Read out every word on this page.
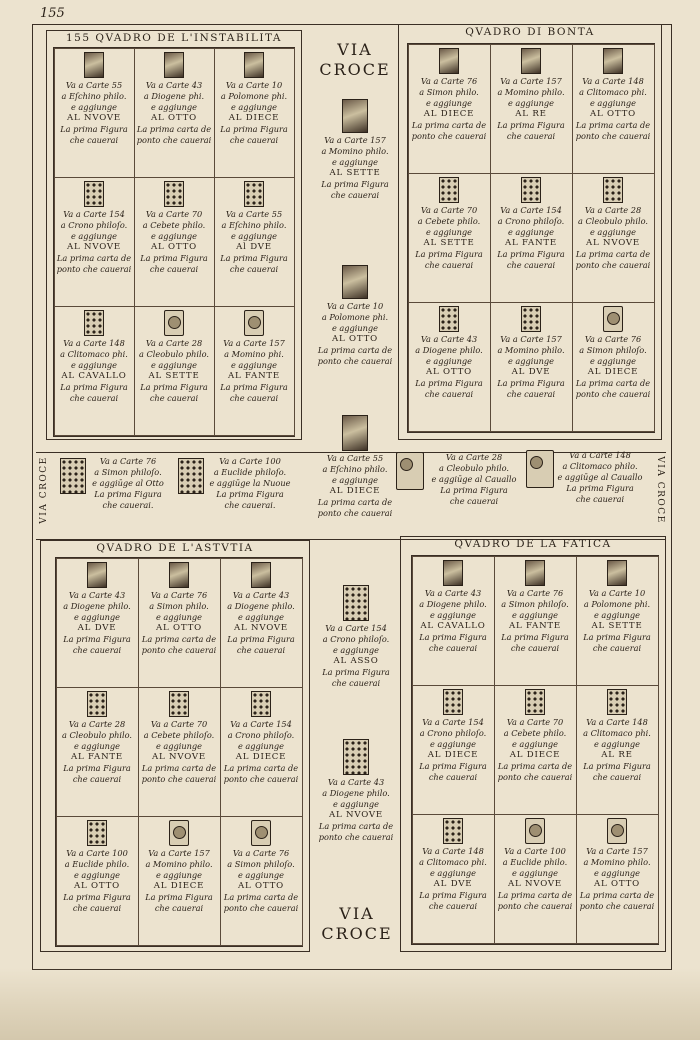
155
155 QVADRO DE L'INSTABILITA
Va a Carte 55
a Eſchino philo.
e aggiunge
AL NVOVE
La prima Figura
che cauerai
Va a Carte 43
a Diogene phi.
e aggiunge
AL OTTO
La prima carta de
ponto che cauerai
Va a Carte 10
a Polomone phi.
e aggiunge
AL DIECE
La prima Figura
che cauerai
Va a Carte 154
a Crono philoſo.
e aggiunge
AL NVOVE
La prima carta de
ponto che cauerai
Va a Carte 70
a Cebete philo.
e aggiunge
AL OTTO
La prima Figura
che cauerai
Va a Carte 55
a Eſchino philo.
e aggiunge
Al DVE
La prima Figura
che cauerai
Va a Carte 148
a Clitomaco phi.
e aggiunge
AL CAVALLO
La prima Figura
che cauerai
Va a Carte 28
a Cleobulo philo.
e aggiunge
AL SETTE
La prima Figura
che cauerai
Va a Carte 157
a Momino phi.
e aggiunge
AL FANTE
La prima Figura
che cauerai
QVADRO DI BONTA
Va a Carte 76
a Simon philo.
e aggiunge
AL DIECE
La prima carta de
ponto che cauerai
Va a Carte 157
a Momino philo.
e aggiunge
AL RE
La prima Figura
che cauerai
Va a Carte 148
a Clitomaco phi.
e aggiunge
AL OTTO
La prima carta de
ponto che cauerai
Va a Carte 70
a Cebete philo.
e aggiunge
AL SETTE
La prima Figura
che cauerai
Va a Carte 154
a Crono philoſo.
e aggiunge
AL FANTE
La prima Figura
che cauerai
Va a Carte 28
a Cleobulo philo.
e aggiunge
AL NVOVE
La prima carta de
ponto che cauerai
Va a Carte 43
a Diogene philo.
e aggiunge
AL OTTO
La prima Figura
che cauerai
Va a Carte 157
a Momino philo.
e aggiunge
AL DVE
La prima Figura
che cauerai
Va a Carte 76
a Simon philoſo.
e aggiunge
AL DIECE
La prima carta de
ponto che cauerai
VIA
CROCE
Va a Carte 157
a Momino philo.
e aggiunge
AL SETTE
La prima Figura
che cauerai
Va a Carte 10
a Polomone phi.
e aggiunge
AL OTTO
La prima carta de
ponto che cauerai
VIA CROCE	VIA CROCE
Va a Carte 76
a Simon philoſo.
e aggiūge al Otto
La prima Figura
che cauerai.
Va a Carte 100
a Euclide philoſo.
e aggiūge la Nuoue
La prima Figura
che cauerai.
Va a Carte 55
a Eſchino philo.
e aggiunge
AL DIECE
La prima carta de
ponto che cauerai
Va a Carte 28
a Cleobulo philo.
e aggiūge al Cauallo
La prima Figura
che cauerai
Va a Carte 148
a Clitomaco philo.
e aggiūge al Cauallo
La prima Figura
che cauerai
QVADRO DE L'ASTVTIA
Va a Carte 43
a Diogene philo.
e aggiunge
AL DVE
La prima Figura
che cauerai
Va a Carte 76
a Simon philo.
e aggiunge
AL OTTO
La prima carta de
ponto che cauerai
Va a Carte 43
a Diogene philo.
e aggiunge
AL NVOVE
La prima Figura
che cauerai
Va a Carte 28
a Cleobulo philo.
e aggiunge
AL FANTE
La prima Figura
che cauerai
Va a Carte 70
a Cebete philoſo.
e aggiunge
AL NVOVE
La prima carta de
ponto che cauerai
Va a Carte 154
a Crono philoſo.
e aggiunge
AL DIECE
La prima carta de
ponto che cauerai
Va a Carte 100
a Euclide philo.
e aggiunge
AL OTTO
La prima Figura
che cauerai
Va a Carte 157
a Momino philo.
e aggiunge
AL DIECE
La prima Figura
che cauerai
Va a Carte 76
a Simon philoſo.
e aggiunge
AL OTTO
La prima carta de
ponto che cauerai
QVADRO DE LA FATICA
Va a Carte 43
a Diogene philo.
e aggiunge
AL CAVALLO
La prima Figura
che cauerai
Va a Carte 76
a Simon philoſo.
e aggiunge
AL FANTE
La prima Figura
che cauerai
Va a Carte 10
a Polomone phi.
e aggiunge
AL SETTE
La prima Figura
che cauerai
Va a Carte 154
a Crono philoſo.
e aggiunge
AL DIECE
La prima Figura
che cauerai
Va a Carte 70
a Cebete philo.
e aggiunge
AL DIECE
La prima carta de
ponto che cauerai
Va a Carte 148
a Clitomaco phi.
e aggiunge
AL RE
La prima Figura
che cauerai
Va a Carte 148
a Clitomaco phi.
e aggiunge
AL DVE
La prima Figura
che cauerai
Va a Carte 100
a Euclide philo.
e aggiunge
AL NVOVE
La prima carta de
ponto che cauerai
Va a Carte 157
a Momino philo.
e aggiunge
AL OTTO
La prima carta de
ponto che cauerai
Va a Carte 154
a Crono philoſo.
e aggiunge
AL ASSO
La prima Figura
che cauerai
Va a Carte 43
a Diogene philo.
e aggiunge
AL NVOVE
La prima carta de
ponto che cauerai
VIA
CROCE
